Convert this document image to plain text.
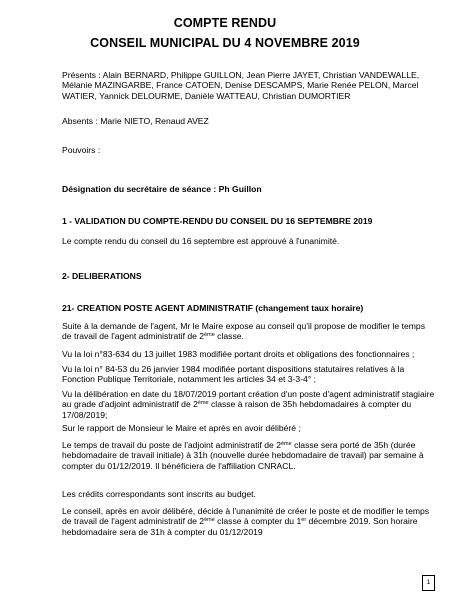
COMPTE RENDU
CONSEIL MUNICIPAL DU 4 NOVEMBRE 2019
Présents : Alain BERNARD, Philippe GUILLON, Jean Pierre JAYET, Christian VANDEWALLE,
Mélanie MAZINGARBE, France CATOEN, Denise DESCAMPS, Marie Renée PELON, Marcel
WATIER, Yannick DELOURME, Danièle WATTEAU, Christian DUMORTIER
Absents : Marie NIETO, Renaud AVEZ
Pouvoirs :
Désignation du secrétaire de séance : Ph Guillon
1 - VALIDATION DU COMPTE-RENDU DU CONSEIL DU 16 SEPTEMBRE 2019
Le compte rendu du conseil du 16 septembre est approuvé à l'unanimité.
2- DELIBERATIONS
21- CREATION POSTE AGENT ADMINISTRATIF (changement taux horaire)
Suite à la demande de l'agent, Mr le Maire expose au conseil qu'il propose de modifier le temps
de travail de l'agent administratif de 2ème classe.
Vu la loi n°83-634 du 13 juillet 1983 modifiée portant droits et obligations des fonctionnaires ;
Vu la loi n° 84-53 du 26 janvier 1984 modifiée portant dispositions statutaires relatives à la
Fonction Publique Territoriale, notamment les articles 34 et 3-3-4° ;
Vu la délibération en date du 18/07/2019 portant création d'un poste d'agent administratif stagiaire
au grade d'adjoint administratif de 2ème classe à raison de 35h hebdomadaires à compter du
17/08/2019;
Sur le rapport de Monsieur le Maire et après en avoir délibéré ;
Le temps de travail du poste de l'adjoint administratif de 2ème classe sera porté de 35h (durée
hebdomadaire de travail initiale) à 31h (nouvelle durée hebdomadaire de travail) par semaine à
compter du 01/12/2019. Il bénéficiera de l'affiliation CNRACL.
Les crédits correspondants sont inscrits au budget.
Le conseil, après en avoir délibéré, décide à l'unanimité de créer le poste et de modifier le temps
de travail de l'agent administratif de 2ème classe à compter du 1er décembre 2019. Son horaire
hebdomadaire sera de 31h à compter du 01/12/2019
1
